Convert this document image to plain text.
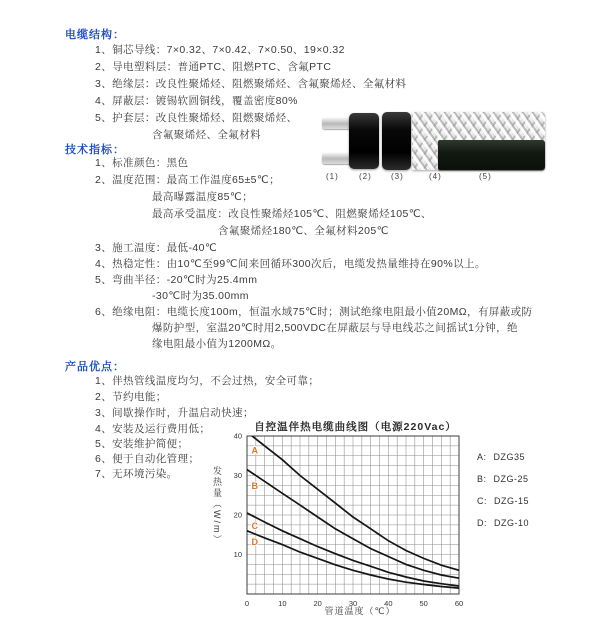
电缆结构：
1、铜芯导线：7×0.32、7×0.42、7×0.50、19×0.32
2、导电塑料层：普通PTC、阻燃PTC、含氟PTC
3、绝缘层：改良性聚烯烃、阻燃聚烯烃、含氟聚烯烃、全氟材料
4、屏蔽层：镀锡软圆铜线，覆盖密度80%
5、护套层：改良性聚烯烃、阻燃聚烯烃、
含氟聚烯烃、全氟材料
(1)	(2) (3)	(4)	(5)
技术指标：
1、标准颜色：黑色
2、温度范围：最高工作温度65±5℃；
最高曝露温度85℃；
最高承受温度：改良性聚烯烃105℃、阻燃聚烯烃105℃、
含氟聚烯烃180℃、全氟材料205℃
3、施工温度：最低-40℃
4、热稳定性：由10℃至99℃间来回循环300次后，电缆发热量维持在90%以上。
5、弯曲半径：-20℃时为25.4mm
-30℃时为35.00mm
6、绝缘电阻：电缆长度100m，恒温水域75℃时；测试绝缘电阻最小值20MΩ，有屏蔽或防
爆防护型，室温20℃时用2,500VDC在屏蔽层与导电线芯之间摇试1分钟，绝
缘电阻最小值为1200MΩ。
产品优点：
1、伴热管线温度均匀，不会过热，安全可靠；
2、节约电能；
3、间歇操作时，升温启动快速；
4、安装及运行费用低；
5、安装维护简便；
6、便于自动化管理；
7、无环境污染。
自控温伴热电缆曲线图（电源220Vac）
发热量（W/m）
A
B
C
D
0	10	20	30	40	50	60
10
20
30
40
管道温度（℃）
A: DZG35
B: DZG-25
C: DZG-15
D: DZG-10
